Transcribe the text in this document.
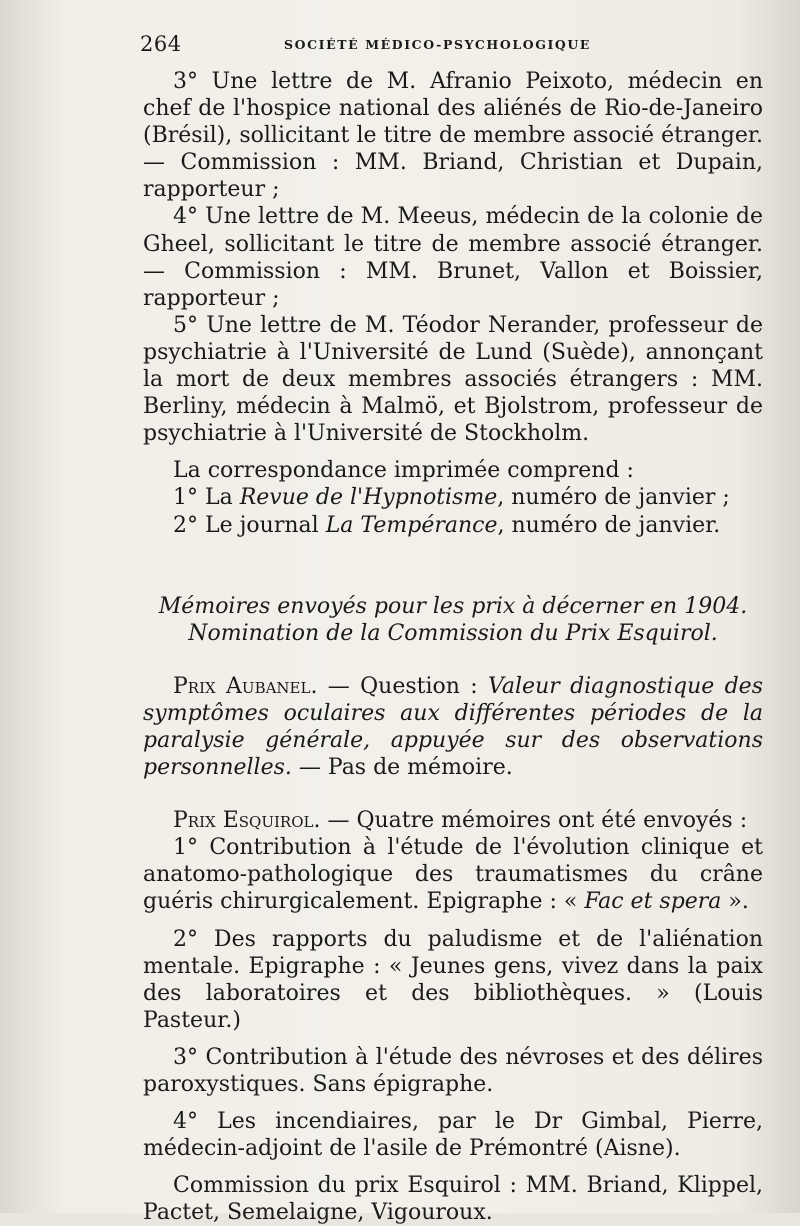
264	SOCIÉTÉ MÉDICO-PSYCHOLOGIQUE

3° Une lettre de M. Afranio Peixoto, médecin en chef de l'hospice national des aliénés de Rio-de-Janeiro (Brésil), sollicitant le titre de membre associé étranger. — Commission : MM. Briand, Christian et Dupain, rapporteur ;

4° Une lettre de M. Meeus, médecin de la colonie de Gheel, sollicitant le titre de membre associé étranger. — Commission : MM. Brunet, Vallon et Boissier, rapporteur ;

5° Une lettre de M. Téodor Nerander, professeur de psychiatrie à l'Université de Lund (Suède), annonçant la mort de deux membres associés étrangers : MM. Berliny, médecin à Malmö, et Bjolstrom, professeur de psychiatrie à l'Université de Stockholm.

La correspondance imprimée comprend :

1° La Revue de l'Hypnotisme, numéro de janvier ;

2° Le journal La Tempérance, numéro de janvier.

Mémoires envoyés pour les prix à décerner en 1904.

Nomination de la Commission du Prix Esquirol.

Prix Aubanel. — Question : Valeur diagnostique des symptômes oculaires aux différentes périodes de la paralysie générale, appuyée sur des observations personnelles. — Pas de mémoire.

Prix Esquirol. — Quatre mémoires ont été envoyés :

1° Contribution à l'étude de l'évolution clinique et anatomo-pathologique des traumatismes du crâne guéris chirurgicalement. Epigraphe : « Fac et spera ».

2° Des rapports du paludisme et de l'aliénation mentale. Epigraphe : « Jeunes gens, vivez dans la paix des laboratoires et des bibliothèques. » (Louis Pasteur.)

3° Contribution à l'étude des névroses et des délires paroxystiques. Sans épigraphe.

4° Les incendiaires, par le Dr Gimbal, Pierre, médecin-adjoint de l'asile de Prémontré (Aisne).

Commission du prix Esquirol : MM. Briand, Klippel, Pactet, Semelaigne, Vigouroux.
